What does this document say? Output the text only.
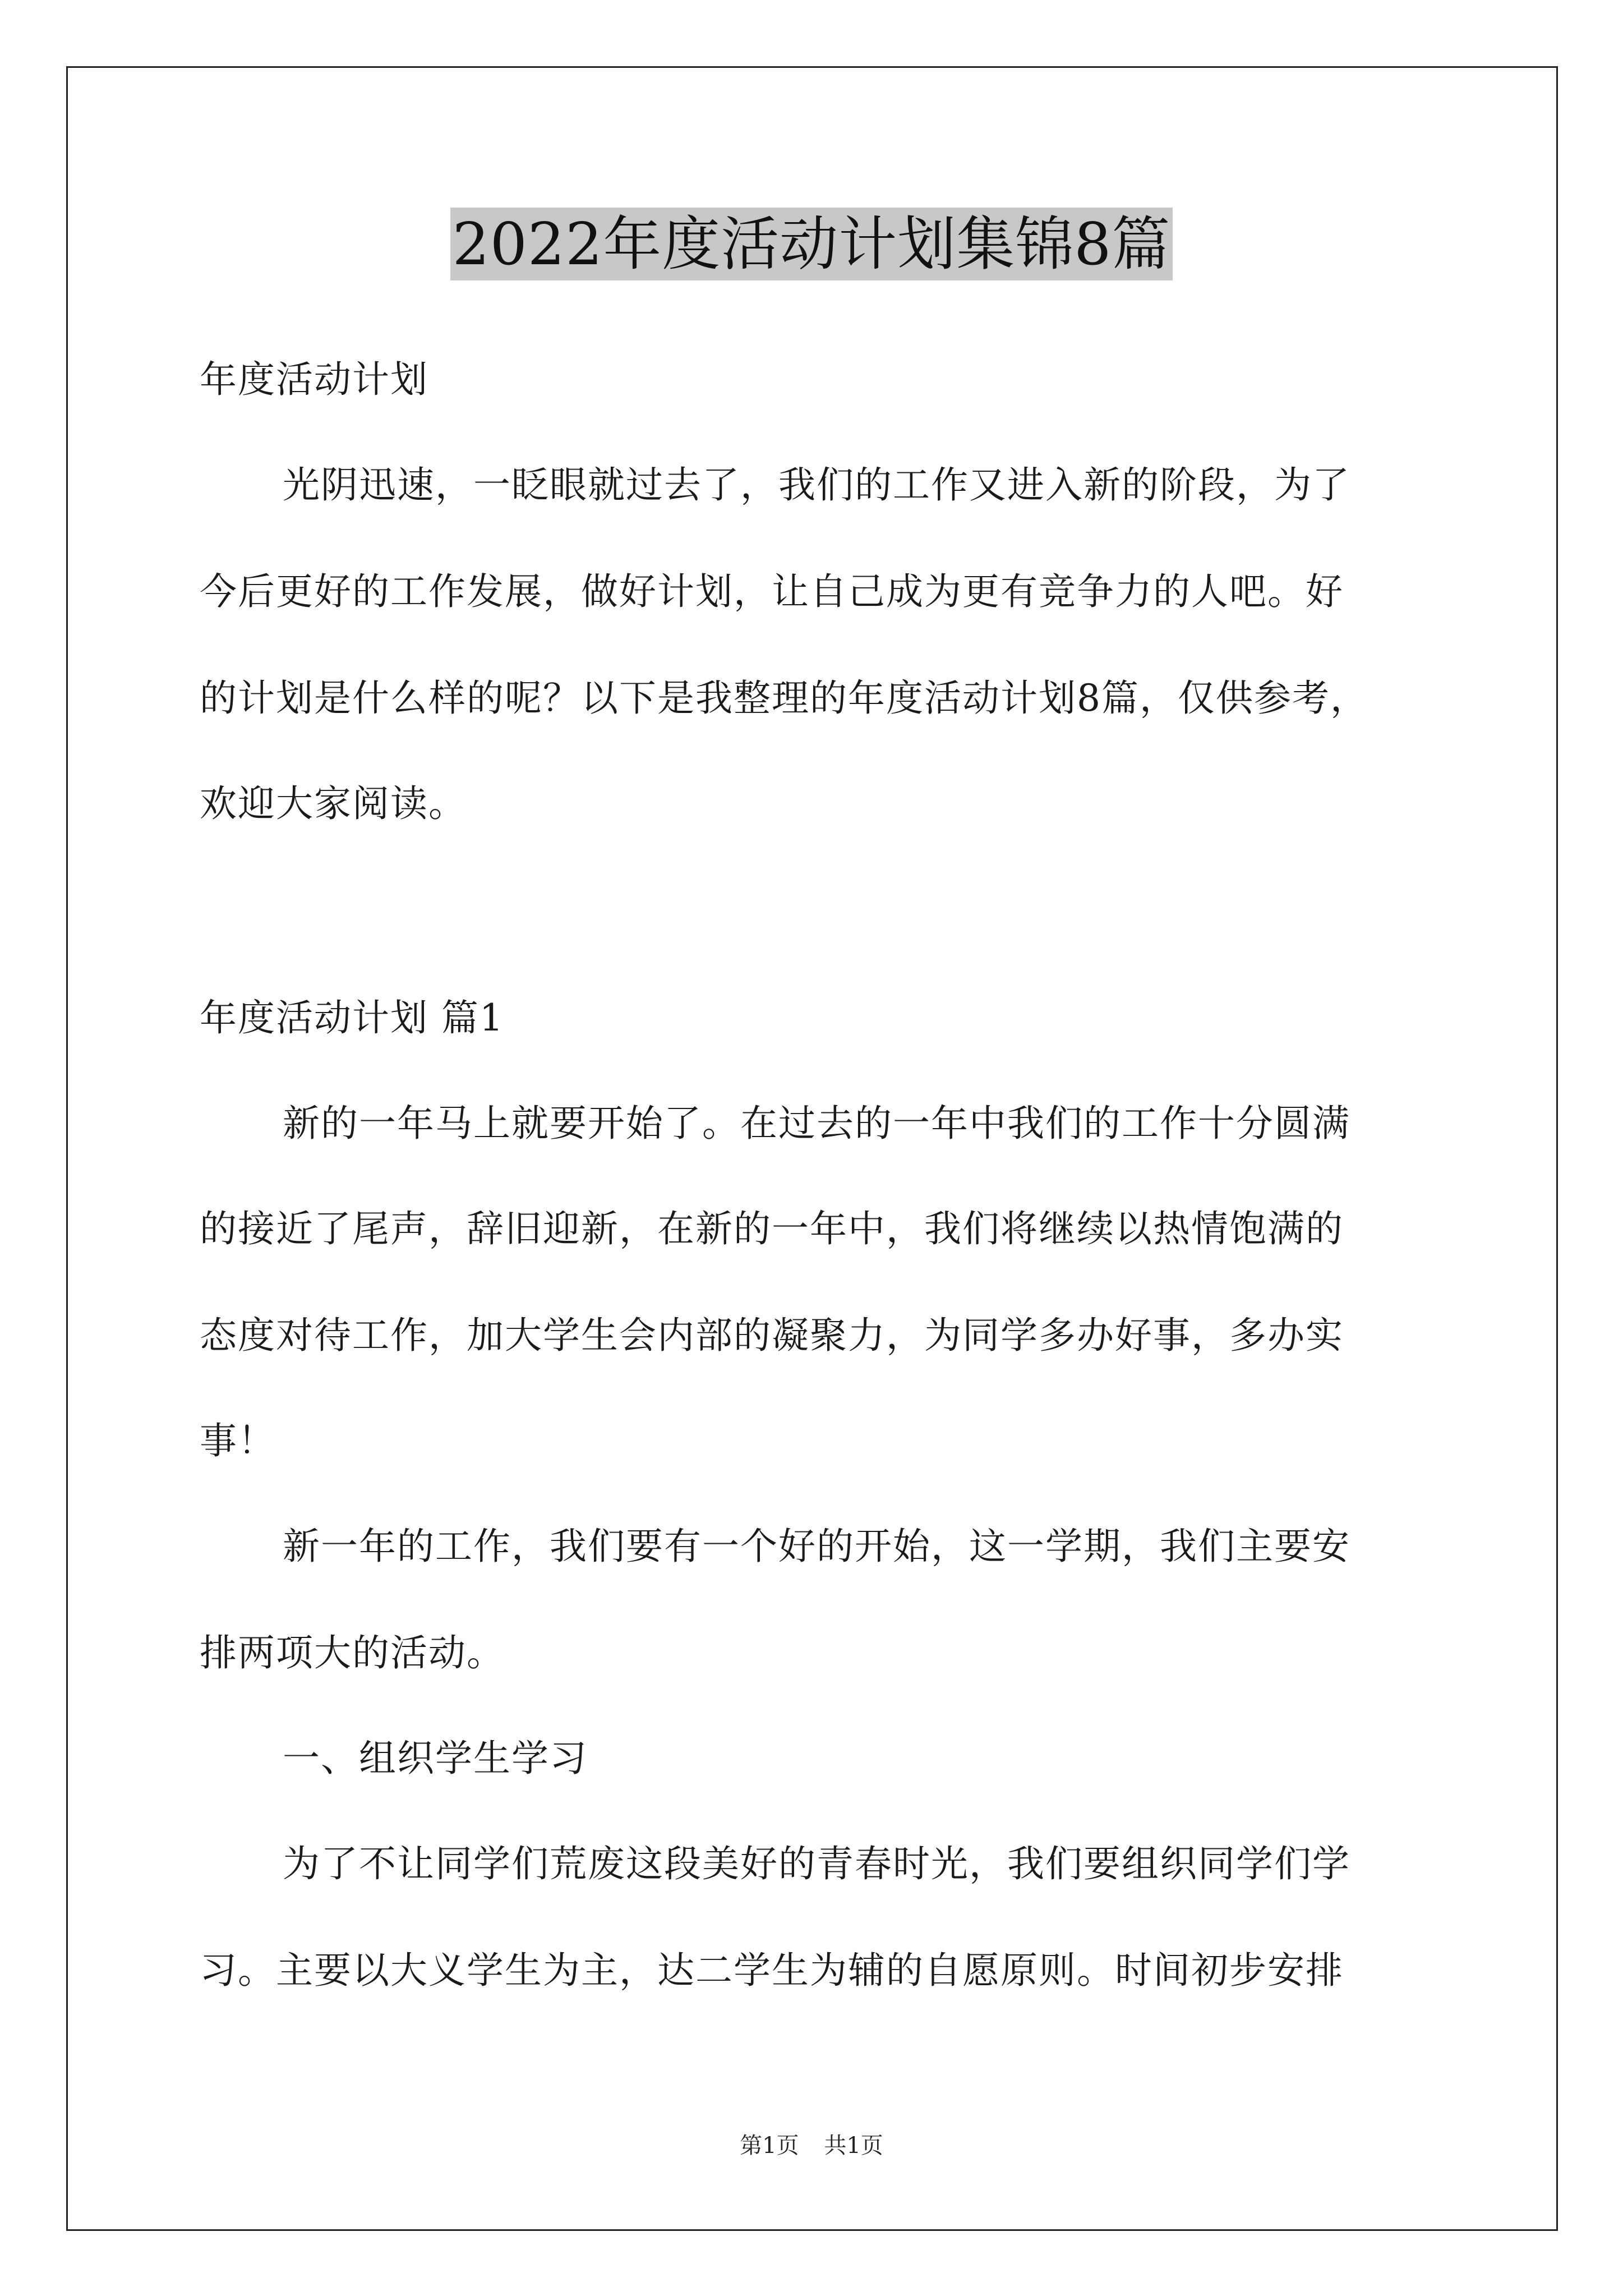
2022年度活动计划集锦8篇
年度活动计划
光阴迅速，一眨眼就过去了，我们的工作又进入新的阶段，为了
今后更好的工作发展，做好计划，让自己成为更有竞争力的人吧。好
的计划是什么样的呢？以下是我整理的年度活动计划8篇，仅供参考，
欢迎大家阅读。
年度活动计划 篇1
新的一年马上就要开始了。在过去的一年中我们的工作十分圆满
的接近了尾声，辞旧迎新，在新的一年中，我们将继续以热情饱满的
态度对待工作，加大学生会内部的凝聚力，为同学多办好事，多办实
事！
新一年的工作，我们要有一个好的开始，这一学期，我们主要安
排两项大的活动。
一、组织学生学习
为了不让同学们荒废这段美好的青春时光，我们要组织同学们学
习。主要以大义学生为主，达二学生为辅的自愿原则。时间初步安排
第1页 共1页
